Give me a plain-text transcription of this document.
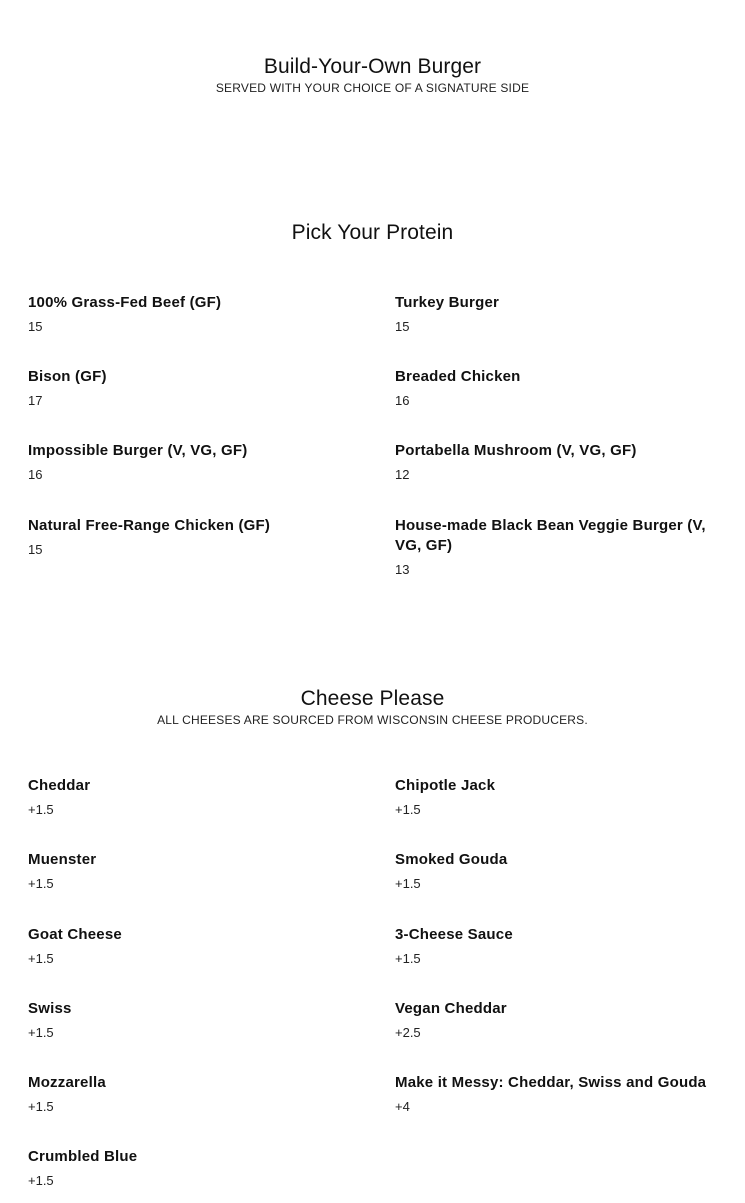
Build-Your-Own Burger
SERVED WITH YOUR CHOICE OF A SIGNATURE SIDE
Pick Your Protein
100% Grass-Fed Beef (GF)
15
Turkey Burger
15
Bison (GF)
17
Breaded Chicken
16
Impossible Burger (V, VG, GF)
16
Portabella Mushroom (V, VG, GF)
12
Natural Free-Range Chicken (GF)
15
House-made Black Bean Veggie Burger (V, VG, GF)
13
Cheese Please
ALL CHEESES ARE SOURCED FROM WISCONSIN CHEESE PRODUCERS.
Cheddar
+1.5
Chipotle Jack
+1.5
Muenster
+1.5
Smoked Gouda
+1.5
Goat Cheese
+1.5
3-Cheese Sauce
+1.5
Swiss
+1.5
Vegan Cheddar
+2.5
Mozzarella
+1.5
Make it Messy: Cheddar, Swiss and Gouda
+4
Crumbled Blue
+1.5
